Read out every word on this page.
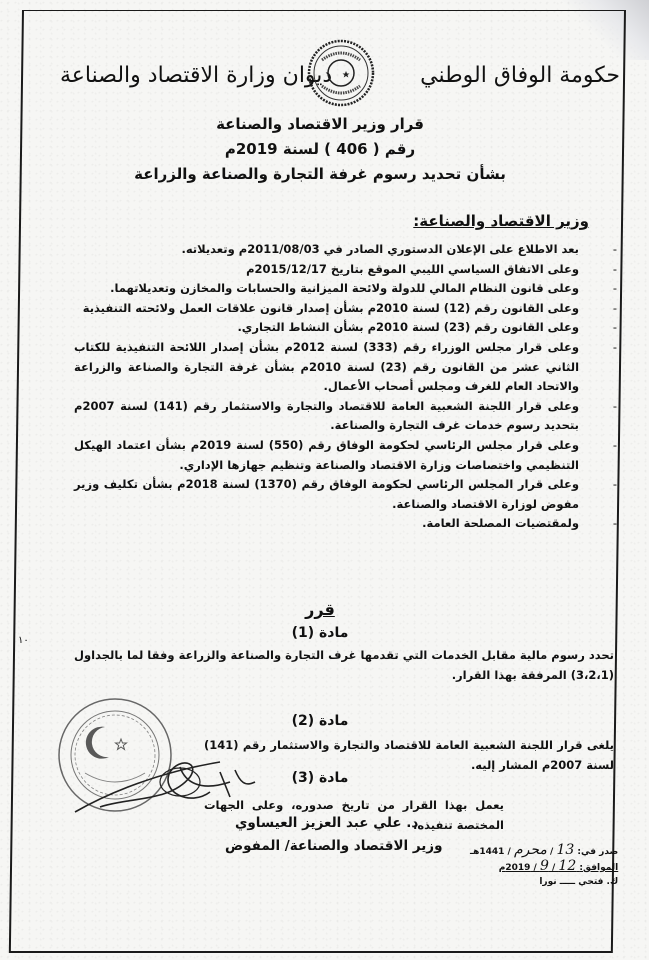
حكومة الوفاق الوطني
ديوان وزارة الاقتصاد والصناعة
قرار وزير الاقتصاد والصناعة
رقم ( 406 ) لسنة 2019م
بشأن تحديد رسوم غرفة التجارة والصناعة والزراعة
وزير الاقتصاد والصناعة:
- بعد الاطلاع على الإعلان الدستوري الصادر في 2011/08/03م وتعديلاته.
- وعلى الاتفاق السياسي الليبي الموقع بتاريخ 2015/12/17م
- وعلى قانون النظام المالي للدولة ولائحة الميزانية والحسابات والمخازن وتعديلاتهما.
- وعلى القانون رقم (12) لسنة 2010م بشأن إصدار قانون علاقات العمل ولائحته التنفيذية
- وعلى القانون رقم (23) لسنة 2010م بشأن النشاط التجاري.
- وعلى قرار مجلس الوزراء رقم (333) لسنة 2012م بشأن إصدار اللائحة التنفيذية للكتاب الثاني عشر من القانون رقم (23) لسنة 2010م بشأن غرفة التجارة والصناعة والزراعة والاتحاد العام للغرف ومجلس أصحاب الأعمال.
- وعلى قرار اللجنة الشعبية العامة للاقتصاد والتجارة والاستثمار رقم (141) لسنة 2007م بتحديد رسوم خدمات غرف التجارة والصناعة.
- وعلى قرار مجلس الرئاسي لحكومة الوفاق رقم (550) لسنة 2019م بشأن اعتماد الهيكل التنظيمي واختصاصات وزارة الاقتصاد والصناعة وتنظيم جهازها الإداري.
- وعلى قرار المجلس الرئاسي لحكومة الوفاق رقم (1370) لسنة 2018م بشأن تكليف وزير مفوض لوزارة الاقتصاد والصناعة.
- ولمقتضيات المصلحة العامة.
قرر
مادة (1)
تحدد رسوم مالية مقابل الخدمات التي تقدمها غرف التجارة والصناعة والزراعة وفقا لما بالجداول (3،2،1) المرفقة بهذا القرار.
مادة (2)
يلغى قرار اللجنة الشعبية العامة للاقتصاد والتجارة والاستثمار رقم (141) لسنة 2007م المشار إليه.
مادة (3)
يعمل بهذا القرار من تاريخ صدوره، وعلى الجهات المختصة تنفيذه.
د. علي عبد العزيز العيساوي
وزير الاقتصاد والصناعة/ المفوض	صدر في: 13 / محرم / 1441هـ
الموافق: 12 / 9 / 2019م
ك. فتحي ـــــ نورا
١٠
